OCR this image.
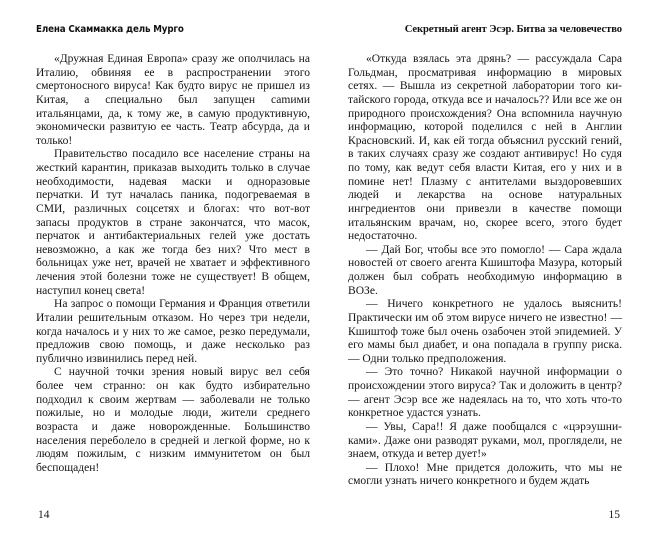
Елена Скаммакка дель Мурго

«Дружная Единая Европа» сразу же ополчилась на Италию, обвиняя ее в распространении этого смертоносного вируса! Как будто вирус не пришел из Китая, а специально был запущен саmими итальянцами, да, к тому же, в самую продуктивную, экономически развитую ее часть. Театр абсурда, да и только!

Правительство посадило все население страны на жесткий карантин, приказав выходить только в случае необходимости, надевая маски и одноразовые перчатки. И тут началась паника, подогреваемая в СМИ, различных соцсетях и блогах: что вот-вот запасы продуктов в стране закончатся, что масок, перчаток и антибактериальных гелей уже достать невозможно, а как же тогда без них? Что мест в больницах уже нет, врачей не хватает и эффективного лечения этой болезни тоже не существует! В общем, наступил конец света!

На запрос о помощи Германия и Франция ответили Италии решительным отказом. Но через три недели, когда началось и у них то же самое, резко передумали, предложив свою помощь, и даже несколько раз публично извинились перед ней.

С научной точки зрения новый вирус вел себя более чем странно: он как будто избирательно подходил к своим жертвам — заболевали не только пожилые, но и молодые люди, жители среднего возраста и даже новорожденные. Большинство населения переболело в средней и легкой форме, но к людям пожилым, с низким иммунитетом он был беспощаден!

14
Секретный агент Эсэр. Битва за человечество

«Откуда взялась эта дрянь? — рассуждала Сара Гольдман, просматривая информацию в мировых сетях. — Вышла из секретной лаборатории того китайского города, откуда все и началось?? Или все же он природного происхождения? Она вспомнила научную информацию, которой поделился с ней в Англии Красновский. И, как ей тогда объяснил русский гений, в таких случаях сразу же создают антивирус! Но судя по тому, как ведут себя власти Китая, его у них и в помине нет! Плазму с антителами выздоровевших людей и лекарства на основе натуральных ингредиентов они привезли в качестве помощи итальянским врачам, но, скорее всего, этого будет недостаточно.

— Дай Бог, чтобы все это помогло! — Сара ждала новостей от своего агента Кшиштофа Мазура, который должен был собрать необходимую информацию в ВОЗе.

— Ничего конкретного не удалось выяснить! Практически им об этом вирусе ничего не известно! — Кшиштоф тоже был очень озабочен этой эпидемией. У его мамы был диабет, и она попадала в группу риска. — Одни только предположения.

— Это точно? Никакой научной информации о происхождении этого вируса? Так и доложить в центр? — агент Эсэр все же надеялась на то, что хоть что-то конкретное удастся узнать.

— Увы, Сара!! Я даже пообщался с «цэрэушниками». Даже они разводят руками, мол, проглядели, не знаем, откуда и ветер дует!»

— Плохо! Мне придется доложить, что мы не смогли узнать ничего конкретного и будем ждать

15
